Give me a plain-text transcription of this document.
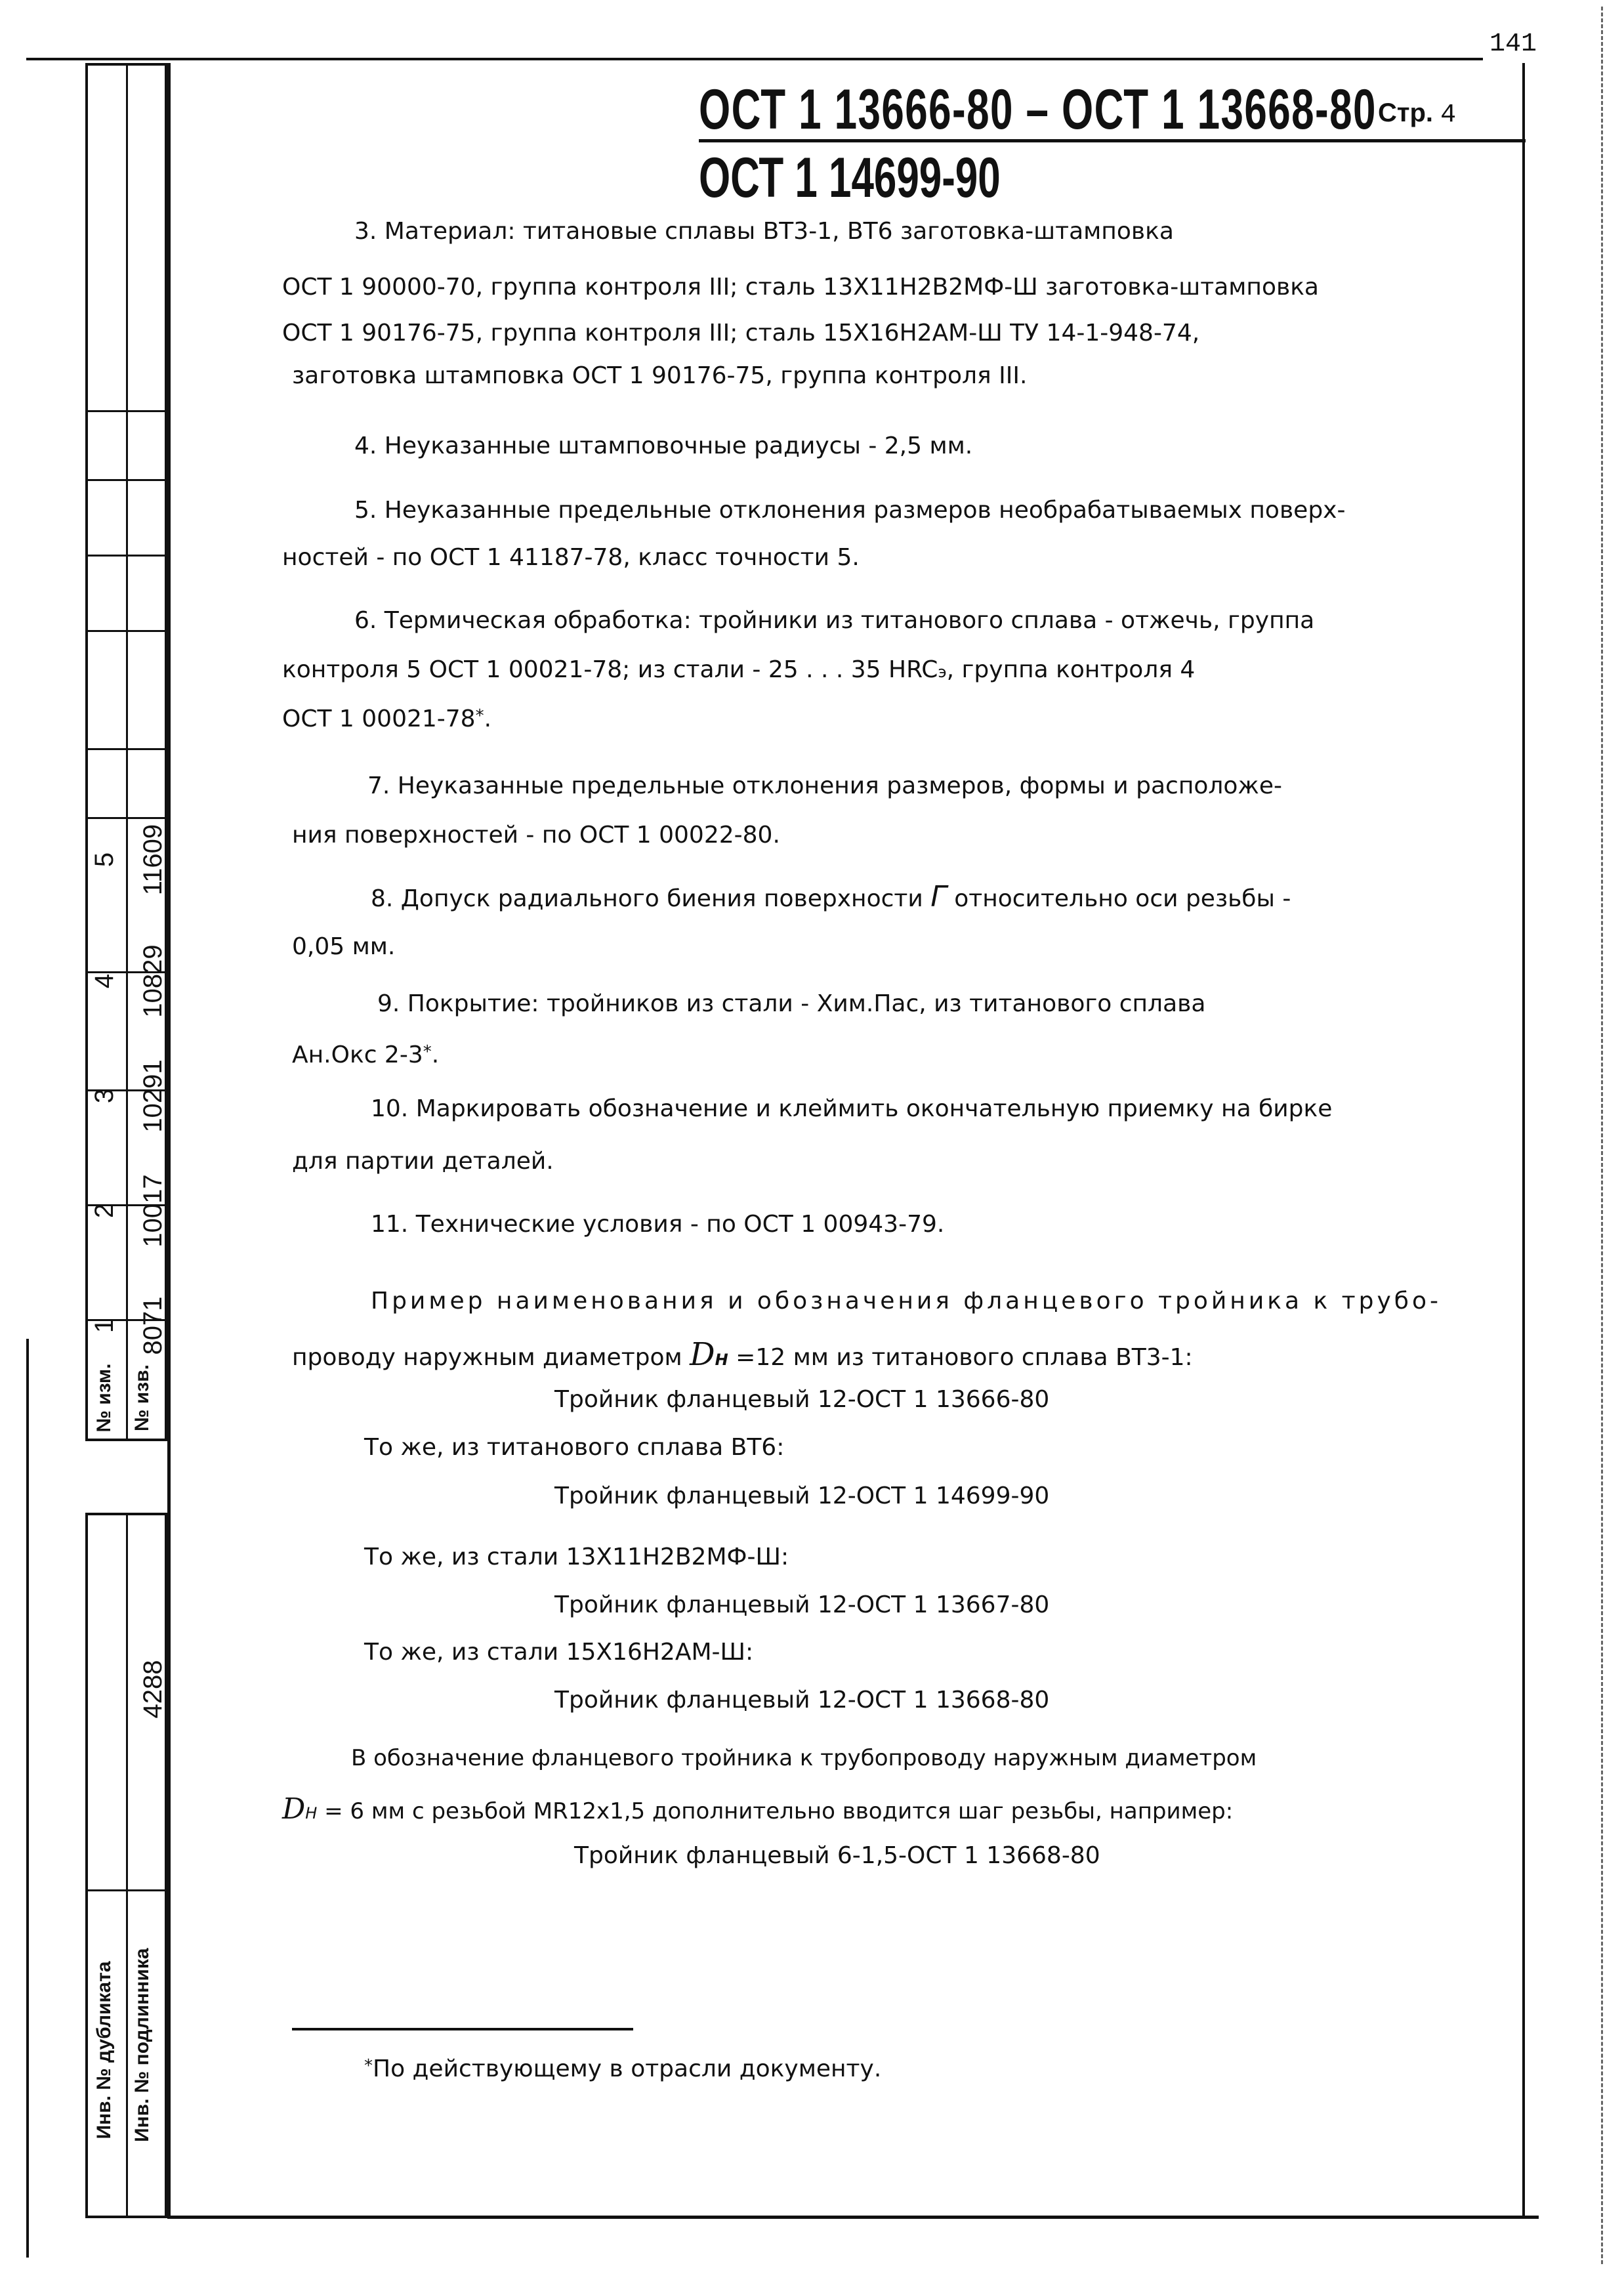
141
5 11609
4 10829
3 10291
2 10017
1 8071
№ изм. № изв.
4288
Инв. № дубликата Инв. № подлинника
ОСТ 1 13666-80 – ОСТ 1 13668-80 Стр. 4
ОСТ 1 14699-90
3. Материал: титановые сплавы ВТ3-1, ВТ6 заготовка-штамповка
ОСТ 1 90000-70, группа контроля III; сталь 13Х11Н2В2МФ-Ш заготовка-штамповка
ОСТ 1 90176-75, группа контроля III; сталь 15Х16Н2АМ-Ш ТУ 14-1-948-74,
заготовка штамповка ОСТ 1 90176-75, группа контроля III.
4. Неуказанные штамповочные радиусы - 2,5 мм.
5. Неуказанные предельные отклонения размеров необрабатываемых поверх-
ностей - по ОСТ 1 41187-78, класс точности 5.
6. Термическая обработка: тройники из титанового сплава - отжечь, группа
контроля 5 ОСТ 1 00021-78; из стали - 25 . . . 35 HRCэ, группа контроля 4
ОСТ 1 00021-78*.
7. Неуказанные предельные отклонения размеров, формы и расположе-
ния поверхностей - по ОСТ 1 00022-80.
8. Допуск радиального биения поверхности Г относительно оси резьбы -
0,05 мм.
9. Покрытие: тройников из стали - Хим.Пас, из титанового сплава
Ан.Окс 2-3*.
10. Маркировать обозначение и клеймить окончательную приемку на бирке
для партии деталей.
11. Технические условия - по ОСТ 1 00943-79.
Пример наименования и обозначения фланцевого тройника к трубо-
проводу наружным диаметром DН =12 мм из титанового сплава ВТ3-1:
Тройник фланцевый 12-ОСТ 1 13666-80
То же, из титанового сплава ВТ6:
Тройник фланцевый 12-ОСТ 1 14699-90
То же, из стали 13Х11Н2В2МФ-Ш:
Тройник фланцевый 12-ОСТ 1 13667-80
То же, из стали 15Х16Н2АМ-Ш:
Тройник фланцевый 12-ОСТ 1 13668-80
В обозначение фланцевого тройника к трубопроводу наружным диаметром
DН = 6 мм с резьбой MR12x1,5 дополнительно вводится шаг резьбы, например:
Тройник фланцевый 6-1,5-ОСТ 1 13668-80
*По действующему в отрасли документу.
